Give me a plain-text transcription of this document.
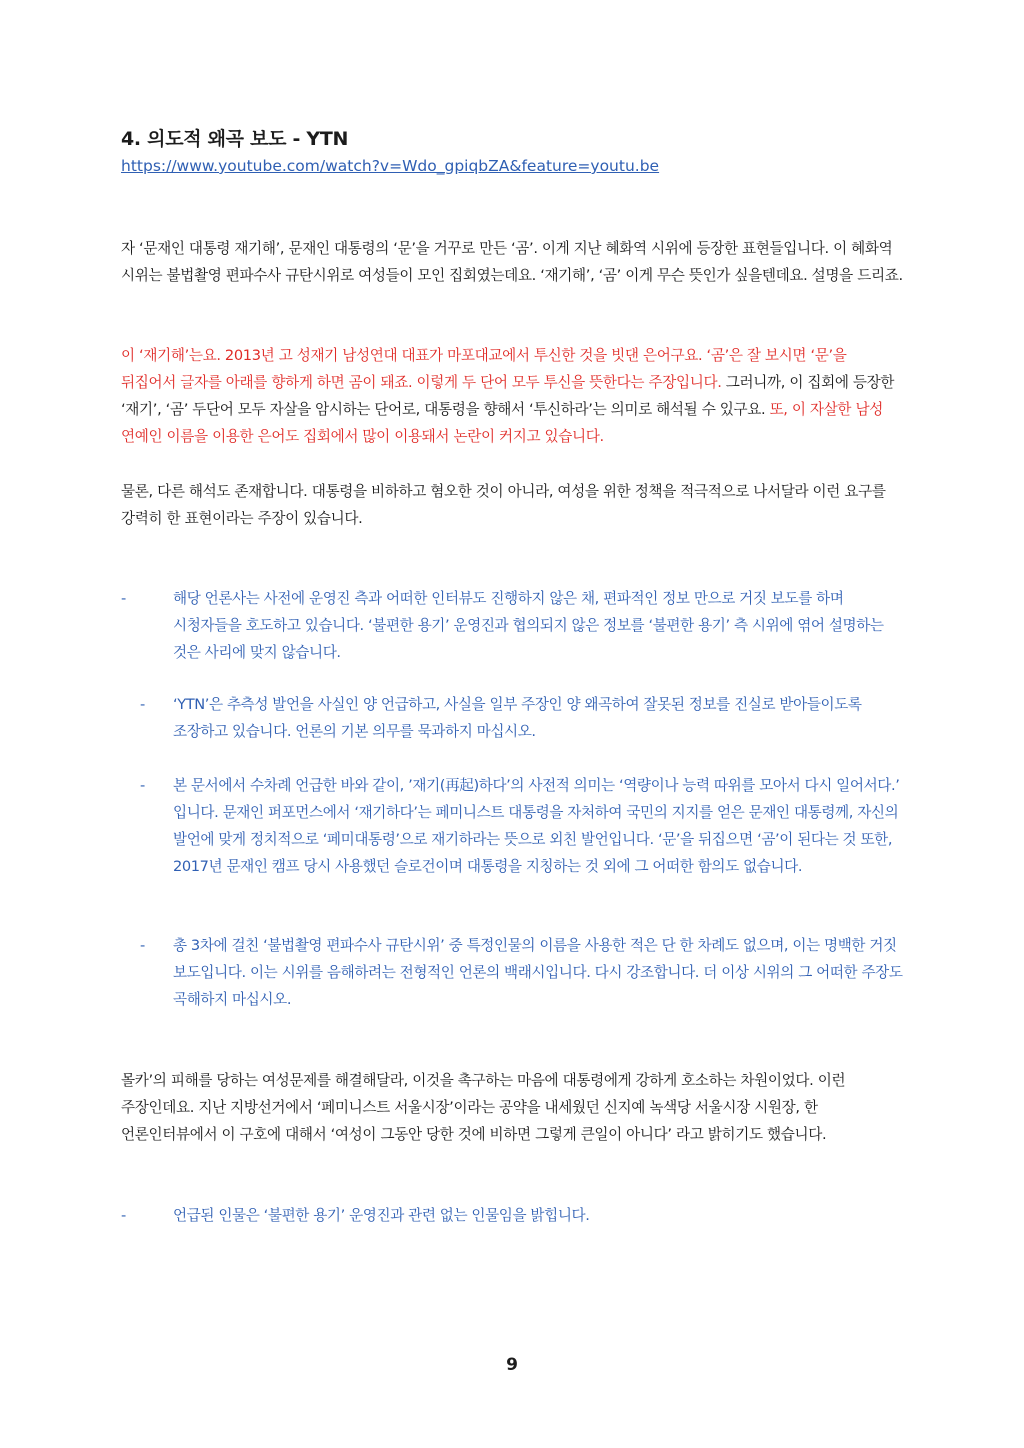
4. 의도적 왜곡 보도 - YTN
https://www.youtube.com/watch?v=Wdo_gpiqbZA&feature=youtu.be
자 ‘문재인 대통령 재기해’, 문재인 대통령의 ‘문’을 거꾸로 만든 ‘곰’. 이게 지난 혜화역 시위에 등장한 표현들입니다. 이 혜화역 시위는 불법촬영 편파수사 규탄시위로 여성들이 모인 집회였는데요. ‘재기해’, ‘곰’ 이게 무슨 뜻인가 싶을텐데요. 설명을 드리죠.
이 ‘재기해’는요. 2013년 고 성재기 남성연대 대표가 마포대교에서 투신한 것을 빗댄 은어구요. ‘곰’은 잘 보시면 ‘문’을 뒤집어서 글자를 아래를 향하게 하면 곰이 돼죠. 이렇게 두 단어 모두 투신을 뜻한다는 주장입니다. 그러니까, 이 집회에 등장한 ‘재기’, ‘곰’ 두단어 모두 자살을 암시하는 단어로, 대통령을 향해서 ‘투신하라’는 의미로 해석될 수 있구요. 또, 이 자살한 남성 연예인 이름을 이용한 은어도 집회에서 많이 이용돼서 논란이 커지고 있습니다.
물론, 다른 해석도 존재합니다. 대통령을 비하하고 혐오한 것이 아니라, 여성을 위한 정책을 적극적으로 나서달라 이런 요구를 강력히 한 표현이라는 주장이 있습니다.
-	해당 언론사는 사전에 운영진 측과 어떠한 인터뷰도 진행하지 않은 채, 편파적인 정보 만으로 거짓 보도를 하며 시청자들을 호도하고 있습니다. ‘불편한 용기’ 운영진과 협의되지 않은 정보를 ‘불편한 용기’ 측 시위에 엮어 설명하는 것은 사리에 맞지 않습니다.
- ‘YTN’은 추측성 발언을 사실인 양 언급하고, 사실을 일부 주장인 양 왜곡하여 잘못된 정보를 진실로 받아들이도록 조장하고 있습니다. 언론의 기본 의무를 묵과하지 마십시오.
- 본 문서에서 수차례 언급한 바와 같이, ’재기(再起)하다’의 사전적 의미는 ‘역량이나 능력 따위를 모아서 다시 일어서다.’ 입니다. 문재인 퍼포먼스에서 ‘재기하다’는 페미니스트 대통령을 자처하여 국민의 지지를 얻은 문재인 대통령께, 자신의 발언에 맞게 정치적으로 ‘페미대통령’으로 재기하라는 뜻으로 외친 발언입니다. ‘문’을 뒤집으면 ‘곰’이 된다는 것 또한, 2017년 문재인 캠프 당시 사용했던 슬로건이며 대통령을 지칭하는 것 외에 그 어떠한 함의도 없습니다.
- 총 3차에 걸친 ‘불법촬영 편파수사 규탄시위’ 중 특정인물의 이름을 사용한 적은 단 한 차례도 없으며, 이는 명백한 거짓 보도입니다. 이는 시위를 음해하려는 전형적인 언론의 백래시입니다. 다시 강조합니다. 더 이상 시위의 그 어떠한 주장도 곡해하지 마십시오.
몰카’의 피해를 당하는 여성문제를 해결해달라, 이것을 촉구하는 마음에 대통령에게 강하게 호소하는 차원이었다. 이런 주장인데요. 지난 지방선거에서 ‘페미니스트 서울시장’이라는 공약을 내세웠던 신지예 녹색당 서울시장 시원장, 한 언론인터뷰에서 이 구호에 대해서 ‘여성이 그동안 당한 것에 비하면 그렇게 큰일이 아니다’ 라고 밝히기도 했습니다.
-	언급된 인물은 ‘불편한 용기’ 운영진과 관련 없는 인물임을 밝힙니다.
9
